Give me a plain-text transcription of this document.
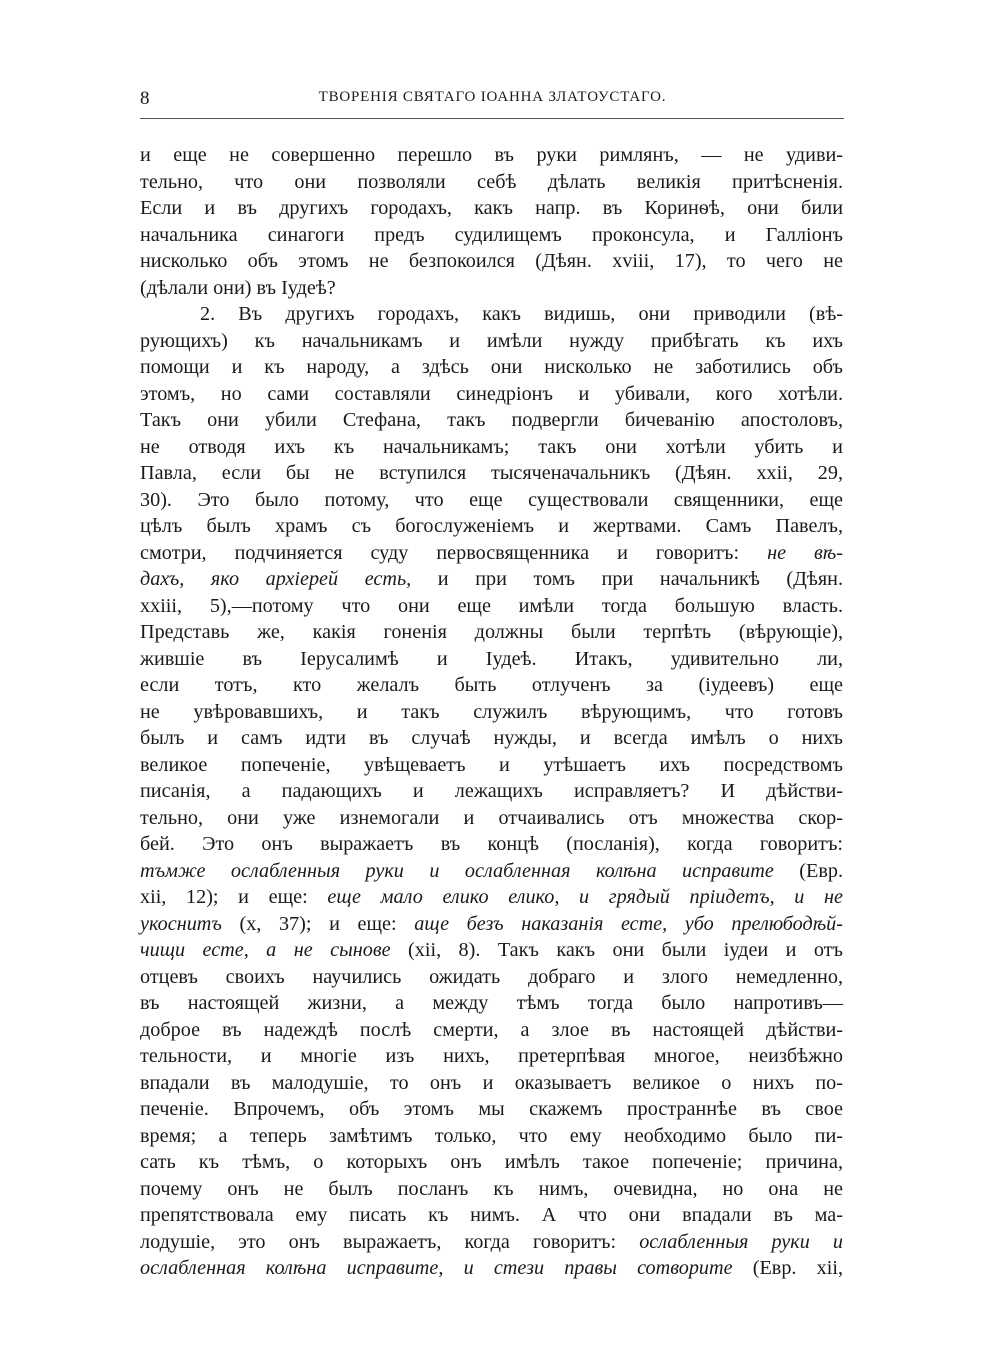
8	ТВОРЕНІЯ СВЯТАГО ІОАННА ЗЛАТОУСТАГО.
и еще не совершенно перешло въ руки римлянъ, — не удиви-
тельно, что они позволяли себѣ дѣлать великія притѣсненія.
Если и въ другихъ городахъ, какъ напр. въ Коринѳѣ, они били
начальника синагоги предъ судилищемъ проконсула, и Галліонъ
нисколько объ этомъ не безпокоился (Дѣян. хvііі, 17), то чего не
(дѣлали они) въ Іудеѣ?
2. Въ другихъ городахъ, какъ видишь, они приводили (вѣ-
рующихъ) къ начальникамъ и имѣли нужду прибѣгать къ ихъ
помощи и къ народу, а здѣсь они нисколько не заботились объ
этомъ, но сами составляли синедріонъ и убивали, кого хотѣли.
Такъ они убили Стефана, такъ подвергли бичеванію апостоловъ,
не отводя ихъ къ начальникамъ; такъ они хотѣли убить и
Павла, если бы не вступился тысяченачальникъ (Дѣян. ххіі, 29,
30). Это было потому, что еще существовали священники, еще
цѣлъ былъ храмъ съ богослуженіемъ и жертвами. Самъ Павелъ,
смотри, подчиняется суду первосвященника и говоритъ: не вѣ-
дахъ, яко архіерей есть, и при томъ при начальникѣ (Дѣян.
ххііі, 5),—потому что они еще имѣли тогда большую власть.
Представь же, какія гоненія должны были терпѣть (вѣрующіе),
жившіе въ Іерусалимѣ и Іудеѣ. Итакъ, удивительно ли,
если тотъ, кто желалъ быть отлученъ за (іудеевъ) еще
не увѣровавшихъ, и такъ служилъ вѣрующимъ, что готовъ
былъ и самъ идти въ случаѣ нужды, и всегда имѣлъ о нихъ
великое попеченіе, увѣщеваетъ и утѣшаетъ ихъ посредствомъ
писанія, а падающихъ и лежащихъ исправляетъ? И дѣйстви-
тельно, они уже изнемогали и отчаивались отъ множества скор-
бей. Это онъ выражаетъ въ концѣ (посланія), когда говоритъ:
тъмже ослабленныя руки и ослабленная колѣна исправите (Евр.
хіі, 12); и еще: еще мало елико елико, и грядый пріидетъ, и не
укоснитъ (х, 37); и еще: аще безъ наказанія есте, убо прелюбодѣй-
чищи есте, а не сынове (хіі, 8). Такъ какъ они были іудеи и отъ
отцевъ своихъ научились ожидать добраго и злого немедленно,
въ настоящей жизни, а между тѣмъ тогда было напротивъ—
доброе въ надеждѣ послѣ смерти, а злое въ настоящей дѣйстви-
тельности, и многіе изъ нихъ, претерпѣвая многое, неизбѣжно
впадали въ малодушіе, то онъ и оказываетъ великое о нихъ по-
печеніе. Впрочемъ, объ этомъ мы скажемъ пространнѣе въ свое
время; а теперь замѣтимъ только, что ему необходимо было пи-
сать къ тѣмъ, о которыхъ онъ имѣлъ такое попеченіе; причина,
почему онъ не былъ посланъ къ нимъ, очевидна, но она не
препятствовала ему писать къ нимъ. А что они впадали въ ма-
лодушіе, это онъ выражаетъ, когда говоритъ: ослабленныя руки и
ослабленная колѣна исправите, и стези правы сотворите (Евр. хіі,
